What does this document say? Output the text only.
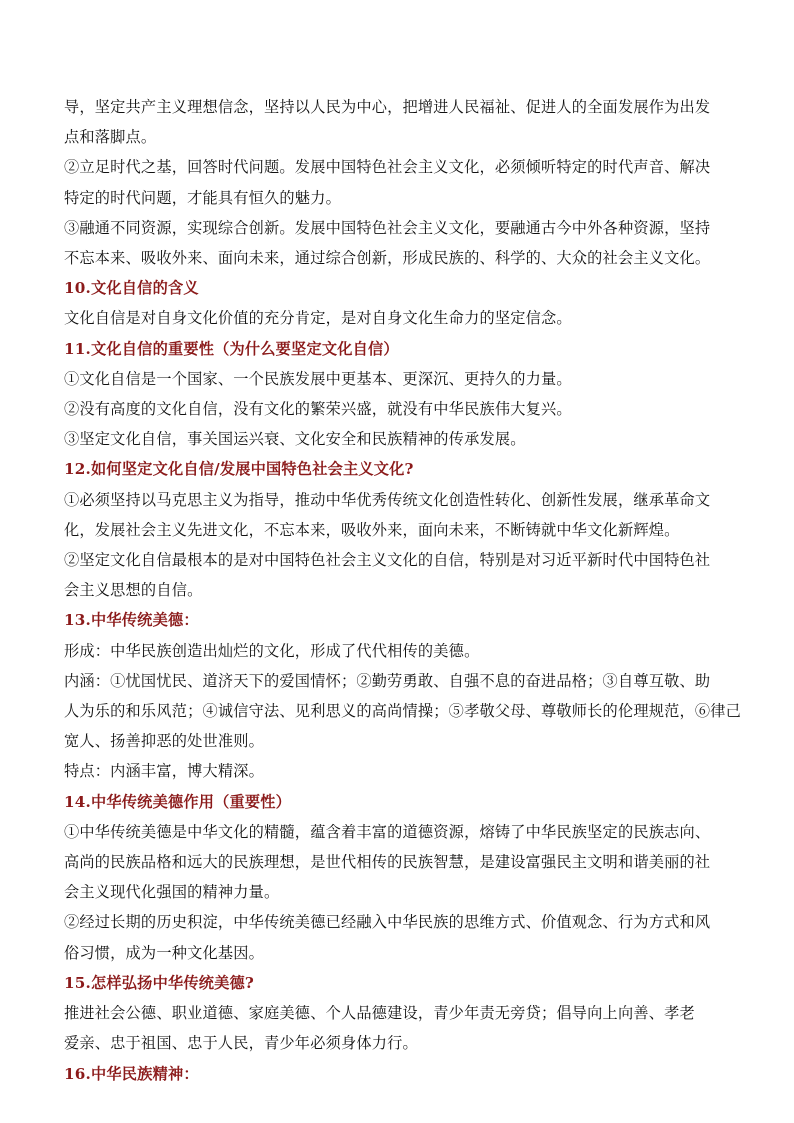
导，坚定共产主义理想信念，坚持以人民为中心，把增进人民福祉、促进人的全面发展作为出发

点和落脚点。

②立足时代之基，回答时代问题。发展中国特色社会主义文化，必须倾听特定的时代声音、解决

特定的时代问题，才能具有恒久的魅力。

③融通不同资源，实现综合创新。发展中国特色社会主义文化，要融通古今中外各种资源，坚持

不忘本来、吸收外来、面向未来，通过综合创新，形成民族的、科学的、大众的社会主义文化。

10.文化自信的含义

文化自信是对自身文化价值的充分肯定，是对自身文化生命力的坚定信念。

11.文化自信的重要性（为什么要坚定文化自信）

①文化自信是一个国家、一个民族发展中更基本、更深沉、更持久的力量。

②没有高度的文化自信，没有文化的繁荣兴盛，就没有中华民族伟大复兴。

③坚定文化自信，事关国运兴衰、文化安全和民族精神的传承发展。

12.如何坚定文化自信/发展中国特色社会主义文化?

①必须坚持以马克思主义为指导，推动中华优秀传统文化创造性转化、创新性发展，继承革命文

化，发展社会主义先进文化，不忘本来，吸收外来，面向未来，不断铸就中华文化新辉煌。

②坚定文化自信最根本的是对中国特色社会主义文化的自信，特别是对习近平新时代中国特色社

会主义思想的自信。

13.中华传统美德：

形成：中华民族创造出灿烂的文化，形成了代代相传的美德。

内涵：①忧国忧民、道济天下的爱国情怀；②勤劳勇敢、自强不息的奋进品格；③自尊互敬、助

人为乐的和乐风范；④诚信守法、见利思义的高尚情操；⑤孝敬父母、尊敬师长的伦理规范，⑥律己

宽人、扬善抑恶的处世准则。

特点：内涵丰富，博大精深。

14.中华传统美德作用（重要性）

①中华传统美德是中华文化的精髓，蕴含着丰富的道德资源，熔铸了中华民族坚定的民族志向、

高尚的民族品格和远大的民族理想，是世代相传的民族智慧，是建设富强民主文明和谐美丽的社

会主义现代化强国的精神力量。

②经过长期的历史积淀，中华传统美德已经融入中华民族的思维方式、价值观念、行为方式和风

俗习惯，成为一种文化基因。

15.怎样弘扬中华传统美德?

推进社会公德、职业道德、家庭美德、个人品德建设，青少年责无旁贷；倡导向上向善、孝老

爱亲、忠于祖国、忠于人民，青少年必须身体力行。

16.中华民族精神：
